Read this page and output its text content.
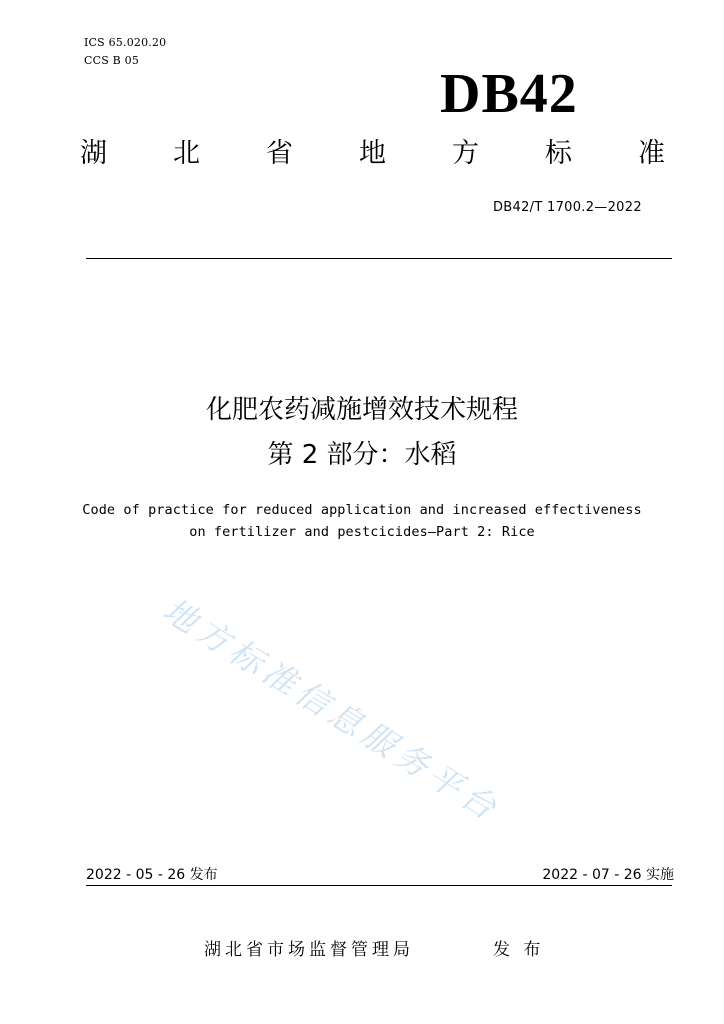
ICS 65.020.20
CCS B 05
DB42
湖 北 省 地 方 标 准
DB42/T 1700.2—2022
化肥农药减施增效技术规程
第 2 部分：水稻
Code of practice for reduced application and increased effectiveness
on fertilizer and pestcicides—Part 2: Rice
地方标准信息服务平台
2022 - 05 - 26 发布	2022 - 07 - 26 实施
湖北省市场监督管理局	发 布
